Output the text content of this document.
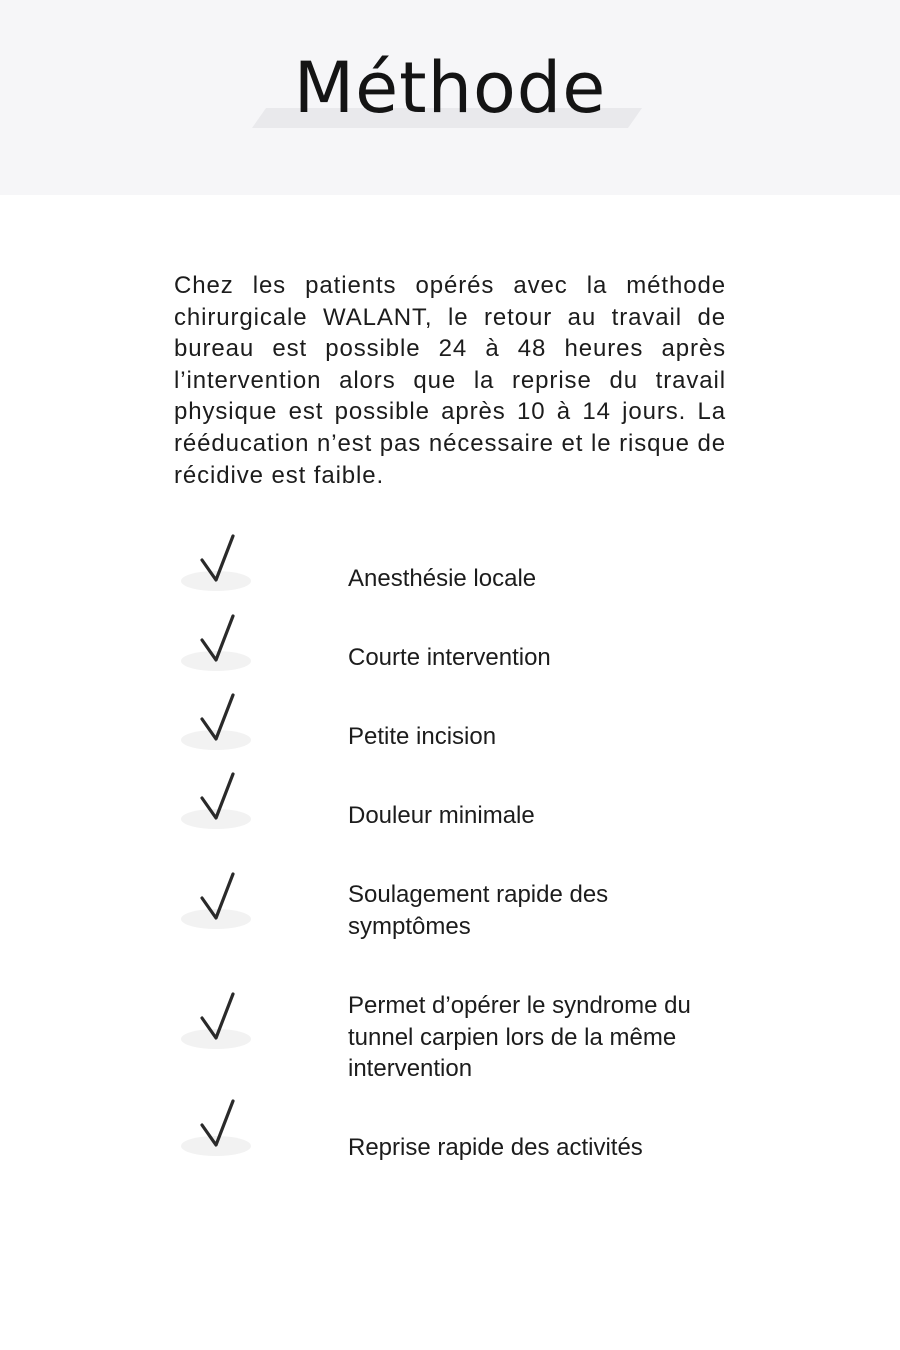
Méthode

Chez les patients opérés avec la méthode chirurgicale WALANT, le retour au travail de bureau est possible 24 à 48 heures après l’intervention alors que la reprise du travail physique est possible après 10 à 14 jours. La rééducation n’est pas nécessaire et le risque de récidive est faible.

Anesthésie locale

Courte intervention

Petite incision

Douleur minimale

Soulagement rapide des symptômes

Permet d’opérer le syndrome du tunnel carpien lors de la même intervention

Reprise rapide des activités
